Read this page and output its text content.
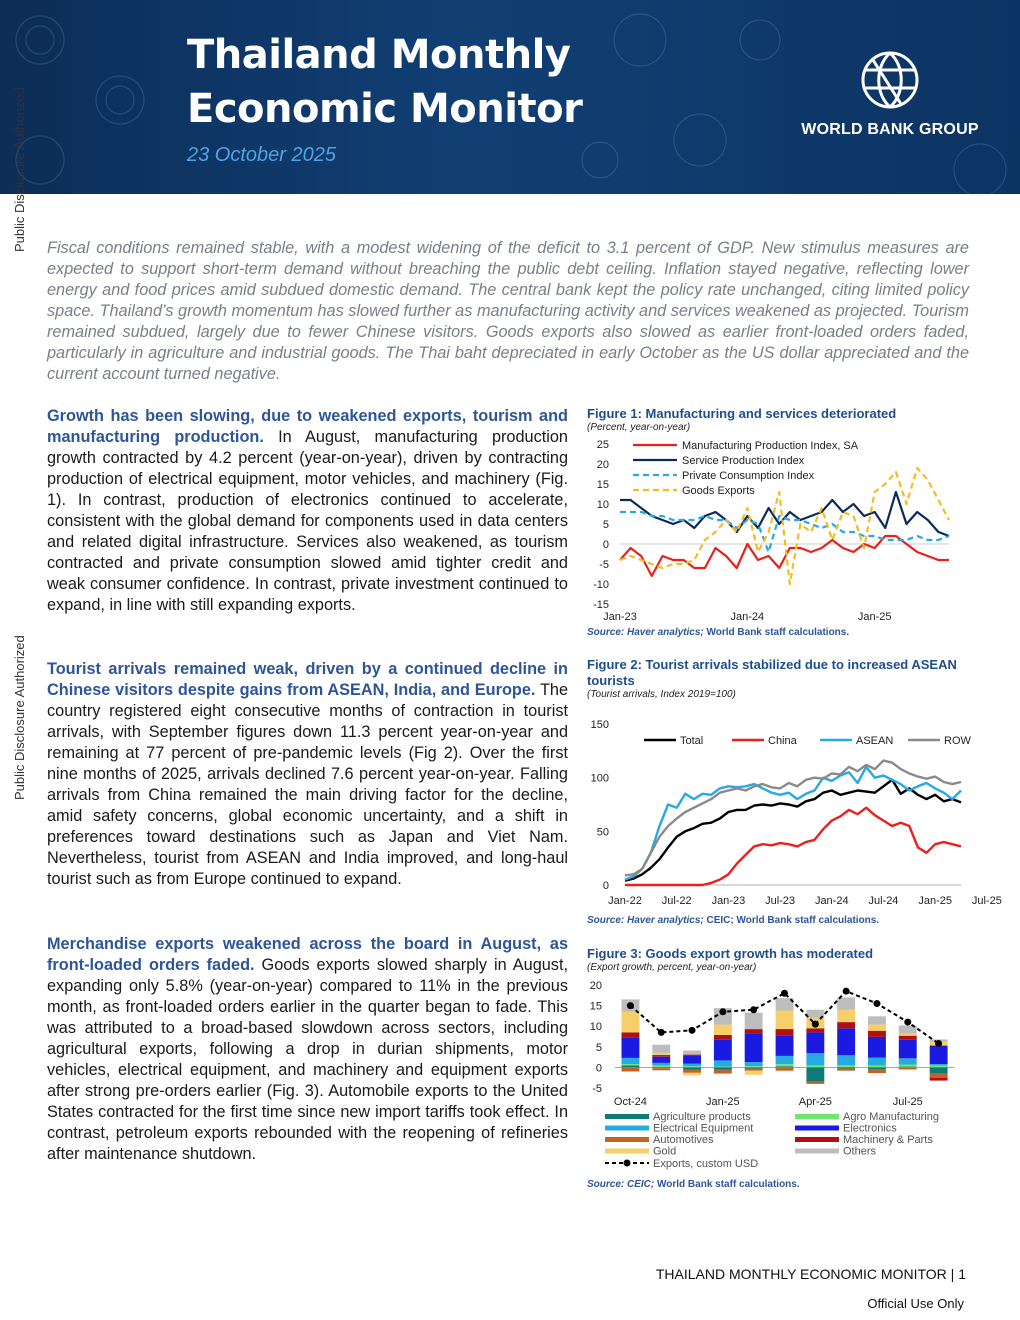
Thailand Monthly
Economic Monitor
23 October 2025
WORLD BANK GROUP
Public Disclosure Authorized
Public Disclosure Authorized

Fiscal conditions remained stable, with a modest widening of the deficit to 3.1 percent of GDP. New stimulus measures are expected to support short-term demand without breaching the public debt ceiling. Inflation stayed negative, reflecting lower energy and food prices amid subdued domestic demand. The central bank kept the policy rate unchanged, citing limited policy space. Thailand’s growth momentum has slowed further as manufacturing activity and services weakened as projected. Tourism remained subdued, largely due to fewer Chinese visitors. Goods exports also slowed as earlier front-loaded orders faded, particularly in agriculture and industrial goods. The Thai baht depreciated in early October as the US dollar appreciated and the current account turned negative.

Growth has been slowing, due to weakened exports, tourism and manufacturing production. In August, manufacturing production growth contracted by 4.2 percent (year-on-year), driven by contracting production of electrical equipment, motor vehicles, and machinery (Fig. 1). In contrast, production of electronics continued to accelerate, consistent with the global demand for components used in data centers and related digital infrastructure. Services also weakened, as tourism contracted and private consumption slowed amid tighter credit and weak consumer confidence. In contrast, private investment continued to expand, in line with still expanding exports.

Tourist arrivals remained weak, driven by a continued decline in Chinese visitors despite gains from ASEAN, India, and Europe. The country registered eight consecutive months of contraction in tourist arrivals, with September figures down 11.3 percent year-on-year and remaining at 77 percent of pre-pandemic levels (Fig 2). Over the first nine months of 2025, arrivals declined 7.6 percent year-on-year. Falling arrivals from China remained the main driving factor for the decline, amid safety concerns, global economic uncertainty, and a shift in preferences toward destinations such as Japan and Viet Nam. Nevertheless, tourist from ASEAN and India improved, and long-haul tourist such as from Europe continued to expand.

Merchandise exports weakened across the board in August, as front-loaded orders faded. Goods exports slowed sharply in August, expanding only 5.8% (year-on-year) compared to 11% in the previous month, as front-loaded orders earlier in the quarter began to fade. This was attributed to a broad-based slowdown across sectors, including agricultural exports, following a drop in durian shipments, motor vehicles, electrical equipment, and machinery and equipment exports after strong pre-orders earlier (Fig. 3). Automobile exports to the United States contracted for the first time since new import tariffs took effect. In contrast, petroleum exports rebounded with the reopening of refineries after maintenance shutdown.

Figure 1: Manufacturing and services deteriorated
(Percent, year-on-year)
25
20
15
10
5
0
-5
-10
-15
Jan-23	Jan-24	Jan-25
Manufacturing Production Index, SA
Service Production Index
Private Consumption Index
Goods Exports
Source: Haver analytics; World Bank staff calculations.
Figure 2: Tourist arrivals stabilized due to increased ASEAN tourists
(Tourist arrivals, Index 2019=100)
150
100
50
0
Jan-22 Jul-22 Jan-23 Jul-23 Jan-24 Jul-24 Jan-25 Jul-25
Total	China	ASEAN	ROW
Source: Haver analytics; CEIC; World Bank staff calculations.
Figure 3: Goods export growth has moderated
(Export growth, percent, year-on-year)
20
15
10
5
0
-5
Oct-24	Jan-25	Apr-25	Jul-25
Agriculture products	Agro Manufacturing
Electrical Equipment	Electronics
Automotives	Machinery & Parts
Gold	Others
Exports, custom USD
Source: CEIC; World Bank staff calculations.
THAILAND MONTHLY ECONOMIC MONITOR | 1
Official Use Only
